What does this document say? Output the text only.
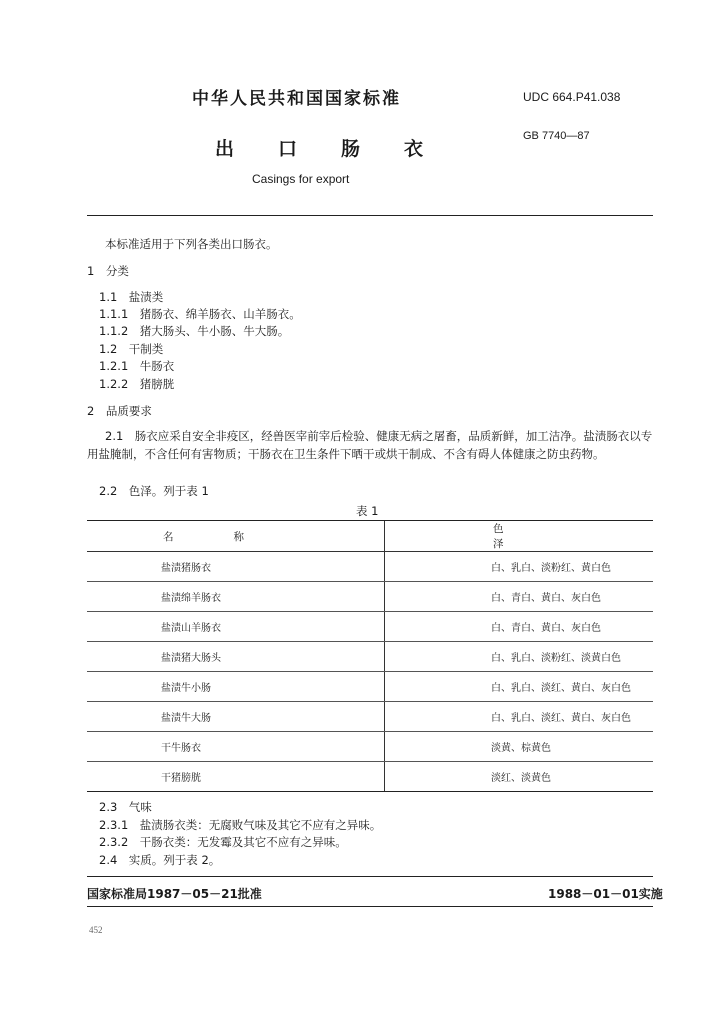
中华人民共和国国家标准	UDC 664.P41.038
出口肠衣
GB 7740—87
Casings for export
本标准适用于下列各类出口肠衣。
1　分类
1.1　盐渍类
1.1.1　猪肠衣、绵羊肠衣、山羊肠衣。
1.1.2　猪大肠头、牛小肠、牛大肠。
1.2　干制类
1.2.1　牛肠衣
1.2.2　猪膀胱
2　品质要求
2.1　肠衣应采自安全非疫区，经兽医宰前宰后检验、健康无病之屠畜，品质新鲜，加工洁净。盐渍肠衣以专用盐腌制，不含任何有害物质；干肠衣在卫生条件下晒干或烘干制成、不含有碍人体健康之防虫药物。
2.2　色泽。列于表 1
表 1
名称	色泽
盐渍猪肠衣	白、乳白、淡粉红、黄白色
盐渍绵羊肠衣	白、青白、黄白、灰白色
盐渍山羊肠衣	白、青白、黄白、灰白色
盐渍猪大肠头	白、乳白、淡粉红、淡黄白色
盐渍牛小肠	白、乳白、淡红、黄白、灰白色
盐渍牛大肠	白、乳白、淡红、黄白、灰白色
干牛肠衣	淡黄、棕黄色
干猪膀胱	淡红、淡黄色
2.3　气味
2.3.1　盐渍肠衣类：无腐败气味及其它不应有之异味。
2.3.2　干肠衣类：无发霉及其它不应有之异味。
2.4　实质。列于表 2。
国家标准局1987－05－21批准	1988－01－01实施
452
